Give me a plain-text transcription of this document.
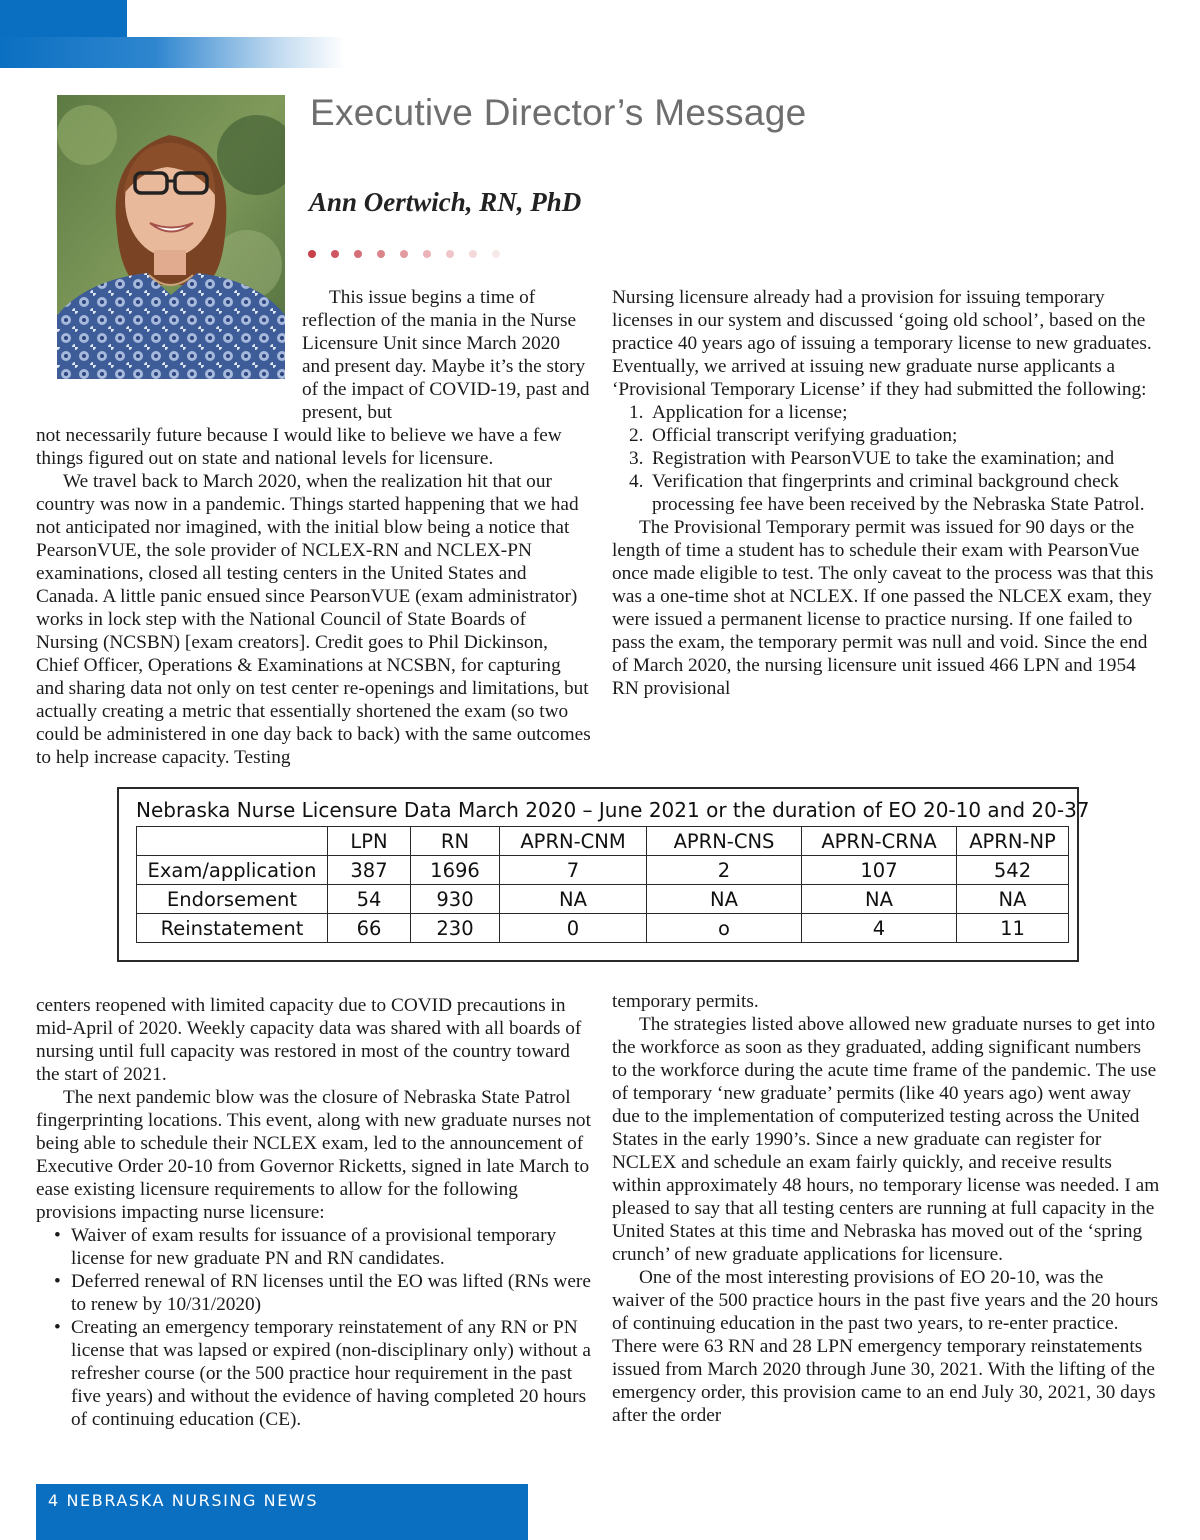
Executive Director’s Message
Ann Oertwich, RN, PhD

This issue begins a time of reflection of the mania in the Nurse Licensure Unit since March 2020 and present day. Maybe it’s the story of the impact of COVID-19, past and present, but

not necessarily future because I would like to believe we have a few things figured out on state and national levels for licensure.

We travel back to March 2020, when the realization hit that our country was now in a pandemic. Things started happening that we had not anticipated nor imagined, with the initial blow being a notice that PearsonVUE, the sole provider of NCLEX-RN and NCLEX-PN examinations, closed all testing centers in the United States and Canada. A little panic ensued since PearsonVUE (exam administrator) works in lock step with the National Council of State Boards of Nursing (NCSBN) [exam creators]. Credit goes to Phil Dickinson, Chief Officer, Operations & Examinations at NCSBN, for capturing and sharing data not only on test center re-openings and limitations, but actually creating a metric that essentially shortened the exam (so two could be administered in one day back to back) with the same outcomes to help increase capacity. Testing

Nursing licensure already had a provision for issuing temporary licenses in our system and discussed ‘going old school’, based on the practice 40 years ago of issuing a temporary license to new graduates. Eventually, we arrived at issuing new graduate nurse applicants a ‘Provisional Temporary License’ if they had submitted the following:

1. Application for a license;
2. Official transcript verifying graduation;
3. Registration with PearsonVUE to take the examination; and
4. Verification that fingerprints and criminal background check processing fee have been received by the Nebraska State Patrol.

The Provisional Temporary permit was issued for 90 days or the length of time a student has to schedule their exam with PearsonVue once made eligible to test. The only caveat to the process was that this was a one-time shot at NCLEX. If one passed the NLCEX exam, they were issued a permanent license to practice nursing. If one failed to pass the exam, the temporary permit was null and void. Since the end of March 2020, the nursing licensure unit issued 466 LPN and 1954 RN provisional

Nebraska Nurse Licensure Data March 2020 – June 2021 or the duration of EO 20-10 and 20-37

	LPN	RN	APRN-CNM	APRN-CNS	APRN-CRNA	APRN-NP
Exam/application	387	1696	7	2	107	542
Endorsement	54	930	NA	NA	NA	NA
Reinstatement	66	230	0	o	4	11

centers reopened with limited capacity due to COVID precautions in mid-April of 2020. Weekly capacity data was shared with all boards of nursing until full capacity was restored in most of the country toward the start of 2021.

The next pandemic blow was the closure of Nebraska State Patrol fingerprinting locations. This event, along with new graduate nurses not being able to schedule their NCLEX exam, led to the announcement of Executive Order 20-10 from Governor Ricketts, signed in late March to ease existing licensure requirements to allow for the following provisions impacting nurse licensure:

• Waiver of exam results for issuance of a provisional temporary license for new graduate PN and RN candidates.
• Deferred renewal of RN licenses until the EO was lifted (RNs were to renew by 10/31/2020)
• Creating an emergency temporary reinstatement of any RN or PN license that was lapsed or expired (non-disciplinary only) without a refresher course (or the 500 practice hour requirement in the past five years) and without the evidence of having completed 20 hours of continuing education (CE).

temporary permits.

The strategies listed above allowed new graduate nurses to get into the workforce as soon as they graduated, adding significant numbers to the workforce during the acute time frame of the pandemic. The use of temporary ‘new graduate’ permits (like 40 years ago) went away due to the implementation of computerized testing across the United States in the early 1990’s. Since a new graduate can register for NCLEX and schedule an exam fairly quickly, and receive results within approximately 48 hours, no temporary license was needed. I am pleased to say that all testing centers are running at full capacity in the United States at this time and Nebraska has moved out of the ‘spring crunch’ of new graduate applications for licensure.

One of the most interesting provisions of EO 20-10, was the waiver of the 500 practice hours in the past five years and the 20 hours of continuing education in the past two years, to re-enter practice. There were 63 RN and 28 LPN emergency temporary reinstatements issued from March 2020 through June 30, 2021. With the lifting of the emergency order, this provision came to an end July 30, 2021, 30 days after the order

4 NEBRASKA NURSING NEWS
